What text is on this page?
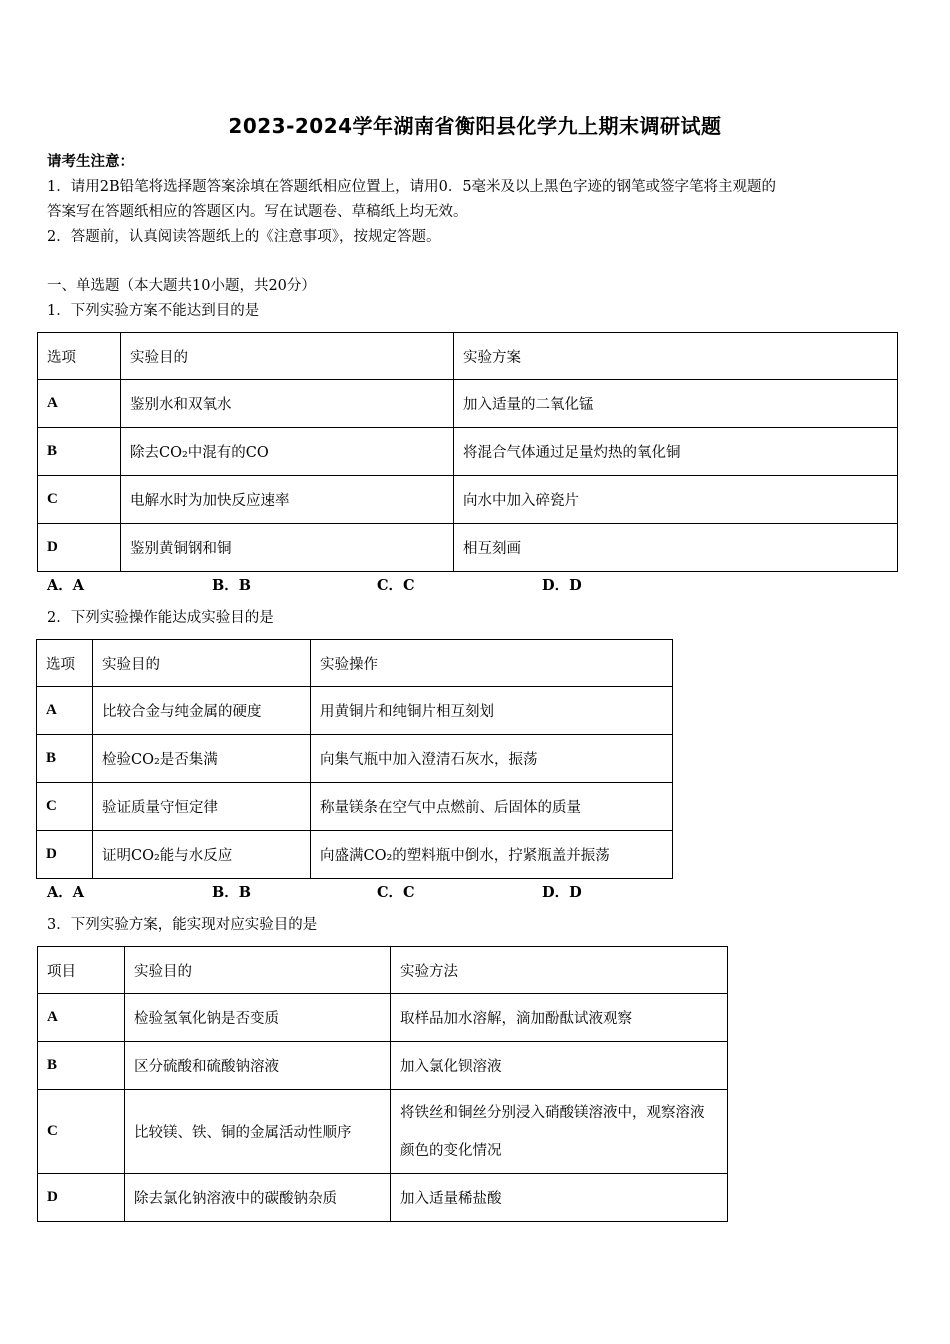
2023-2024学年湖南省衡阳县化学九上期末调研试题
请考生注意：
1．请用2B铅笔将选择题答案涂填在答题纸相应位置上，请用0．5毫米及以上黑色字迹的钢笔或签字笔将主观题的
答案写在答题纸相应的答题区内。写在试题卷、草稿纸上均无效。
2．答题前，认真阅读答题纸上的《注意事项》，按规定答题。
一、单选题（本大题共10小题，共20分）
1．下列实验方案不能达到目的是
选项	实验目的	实验方案
A	鉴别水和双氧水	加入适量的二氧化锰
B	除去CO₂中混有的CO	将混合气体通过足量灼热的氧化铜
C	电解水时为加快反应速率	向水中加入碎瓷片
D	鉴别黄铜钢和铜	相互刻画
A．A	B．B	C．C	D．D
2．下列实验操作能达成实验目的是
选项	实验目的	实验操作
A	比较合金与纯金属的硬度	用黄铜片和纯铜片相互刻划
B	检验CO₂是否集满	向集气瓶中加入澄清石灰水，振荡
C	验证质量守恒定律	称量镁条在空气中点燃前、后固体的质量
D	证明CO₂能与水反应	向盛满CO₂的塑料瓶中倒水，拧紧瓶盖并振荡
A．A	B．B	C．C	D．D
3．下列实验方案，能实现对应实验目的是
项目	实验目的	实验方法
A	检验氢氧化钠是否变质	取样品加水溶解，滴加酚酞试液观察
B	区分硫酸和硫酸钠溶液	加入氯化钡溶液
C	比较镁、铁、铜的金属活动性顺序	将铁丝和铜丝分别浸入硝酸镁溶液中，观察溶液颜色的变化情况
D	除去氯化钠溶液中的碳酸钠杂质	加入适量稀盐酸
